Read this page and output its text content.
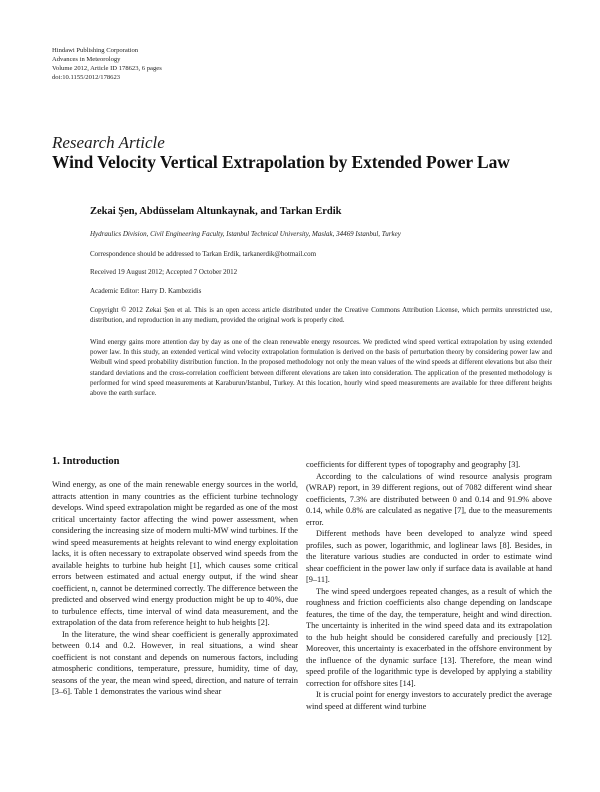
Hindawi Publishing Corporation
Advances in Meteorology
Volume 2012, Article ID 178623, 6 pages
doi:10.1155/2012/178623
Research Article
Wind Velocity Vertical Extrapolation by Extended Power Law
Zekai Şen, Abdüsselam Altunkaynak, and Tarkan Erdik
Hydraulics Division, Civil Engineering Faculty, Istanbul Technical University, Maslak, 34469 Istanbul, Turkey
Correspondence should be addressed to Tarkan Erdik, tarkanerdik@hotmail.com
Received 19 August 2012; Accepted 7 October 2012
Academic Editor: Harry D. Kambezidis
Copyright © 2012 Zekai Şen et al. This is an open access article distributed under the Creative Commons Attribution License, which permits unrestricted use, distribution, and reproduction in any medium, provided the original work is properly cited.
Wind energy gains more attention day by day as one of the clean renewable energy resources. We predicted wind speed vertical extrapolation by using extended power law. In this study, an extended vertical wind velocity extrapolation formulation is derived on the basis of perturbation theory by considering power law and Weibull wind speed probability distribution function. In the proposed methodology not only the mean values of the wind speeds at different elevations but also their standard deviations and the cross-correlation coefficient between different elevations are taken into consideration. The application of the presented methodology is performed for wind speed measurements at Karaburun/Istanbul, Turkey. At this location, hourly wind speed measurements are available for three different heights above the earth surface.
1. Introduction

Wind energy, as one of the main renewable energy sources in the world, attracts attention in many countries as the efficient turbine technology develops. Wind speed extrapolation might be regarded as one of the most critical uncertainty factor affecting the wind power assessment, when considering the increasing size of modern multi-MW wind turbines. If the wind speed measurements at heights relevant to wind energy exploitation lacks, it is often necessary to extrapolate observed wind speeds from the available heights to turbine hub height [1], which causes some critical errors between estimated and actual energy output, if the wind shear coefficient, n, cannot be determined correctly. The difference between the predicted and observed wind energy production might be up to 40%, due to turbulence effects, time interval of wind data measurement, and the extrapolation of the data from reference height to hub heights [2].

In the literature, the wind shear coefficient is generally approximated between 0.14 and 0.2. However, in real situations, a wind shear coefficient is not constant and depends on numerous factors, including atmospheric conditions, temperature, pressure, humidity, time of day, seasons of the year, the mean wind speed, direction, and nature of terrain [3–6]. Table 1 demonstrates the various wind shear

coefficients for different types of topography and geography [3].

According to the calculations of wind resource analysis program (WRAP) report, in 39 different regions, out of 7082 different wind shear coefficients, 7.3% are distributed between 0 and 0.14 and 91.9% above 0.14, while 0.8% are calculated as negative [7], due to the measurements error.

Different methods have been developed to analyze wind speed profiles, such as power, logarithmic, and loglinear laws [8]. Besides, in the literature various studies are conducted in order to estimate wind shear coefficient in the power law only if surface data is available at hand [9–11].

The wind speed undergoes repeated changes, as a result of which the roughness and friction coefficients also change depending on landscape features, the time of the day, the temperature, height and wind direction. The uncertainty is inherited in the wind speed data and its extrapolation to the hub height should be considered carefully and preciously [12]. Moreover, this uncertainty is exacerbated in the offshore environment by the influence of the dynamic surface [13]. Therefore, the mean wind speed profile of the logarithmic type is developed by applying a stability correction for offshore sites [14].

It is crucial point for energy investors to accurately predict the average wind speed at different wind turbine
